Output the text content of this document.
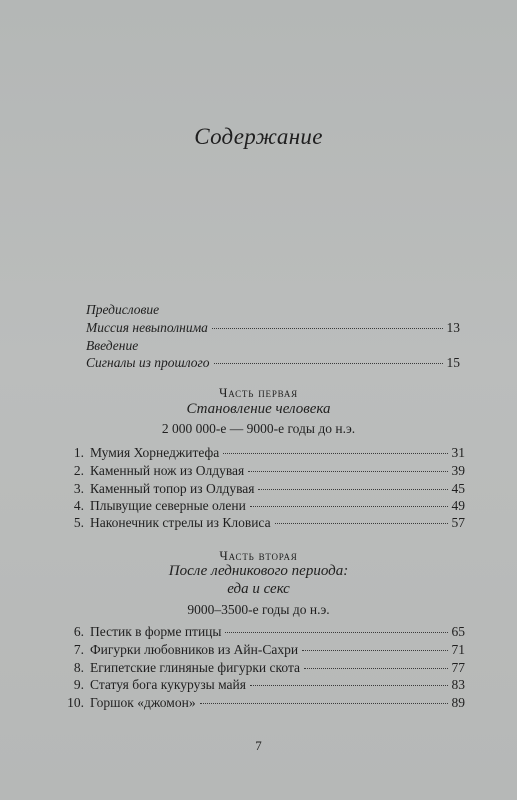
Содержание
Предисловие
Миссия невыполнима	13
Введение
Сигналы из прошлого	15
Часть первая
Становление человека
2 000 000-е — 9000-е годы до н.э.
1. Мумия Хорнеджитефа	31
2. Каменный нож из Олдувая	39
3. Каменный топор из Олдувая	45
4. Плывущие северные олени	49
5. Наконечник стрелы из Кловиса	57
Часть вторая
После ледникового периода:
еда и секс
9000–3500-е годы до н.э.
6. Пестик в форме птицы	65
7. Фигурки любовников из Айн-Сахри	71
8. Египетские глиняные фигурки скота	77
9. Статуя бога кукурузы майя	83
10. Горшок «джомон»	89
7
